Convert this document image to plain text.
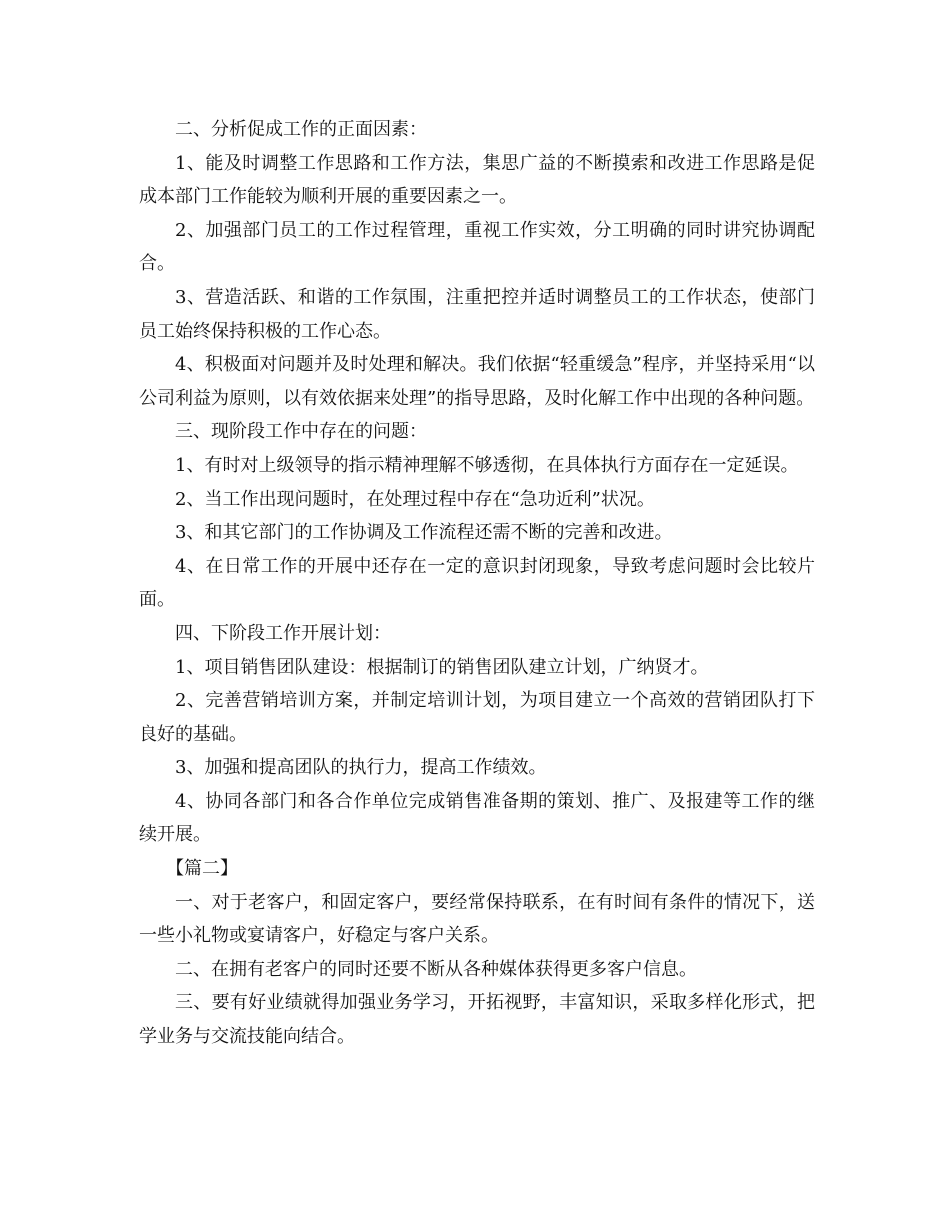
二、分析促成工作的正面因素：

1、能及时调整工作思路和工作方法，集思广益的不断摸索和改进工作思路是促成本部门工作能较为顺利开展的重要因素之一。

2、加强部门员工的工作过程管理，重视工作实效，分工明确的同时讲究协调配合。

3、营造活跃、和谐的工作氛围，注重把控并适时调整员工的工作状态，使部门员工始终保持积极的工作心态。

4、积极面对问题并及时处理和解决。我们依据“轻重缓急”程序，并坚持采用“以公司利益为原则，以有效依据来处理”的指导思路，及时化解工作中出现的各种问题。

三、现阶段工作中存在的问题：

1、有时对上级领导的指示精神理解不够透彻，在具体执行方面存在一定延误。

2、当工作出现问题时，在处理过程中存在“急功近利”状况。

3、和其它部门的工作协调及工作流程还需不断的完善和改进。

4、在日常工作的开展中还存在一定的意识封闭现象，导致考虑问题时会比较片面。

四、下阶段工作开展计划：

1、项目销售团队建设：根据制订的销售团队建立计划，广纳贤才。

2、完善营销培训方案，并制定培训计划，为项目建立一个高效的营销团队打下良好的基础。

3、加强和提高团队的执行力，提高工作绩效。

4、协同各部门和各合作单位完成销售准备期的策划、推广、及报建等工作的继续开展。

【篇二】

一、对于老客户，和固定客户，要经常保持联系，在有时间有条件的情况下，送一些小礼物或宴请客户，好稳定与客户关系。

二、在拥有老客户的同时还要不断从各种媒体获得更多客户信息。

三、要有好业绩就得加强业务学习，开拓视野，丰富知识，采取多样化形式，把学业务与交流技能向结合。
